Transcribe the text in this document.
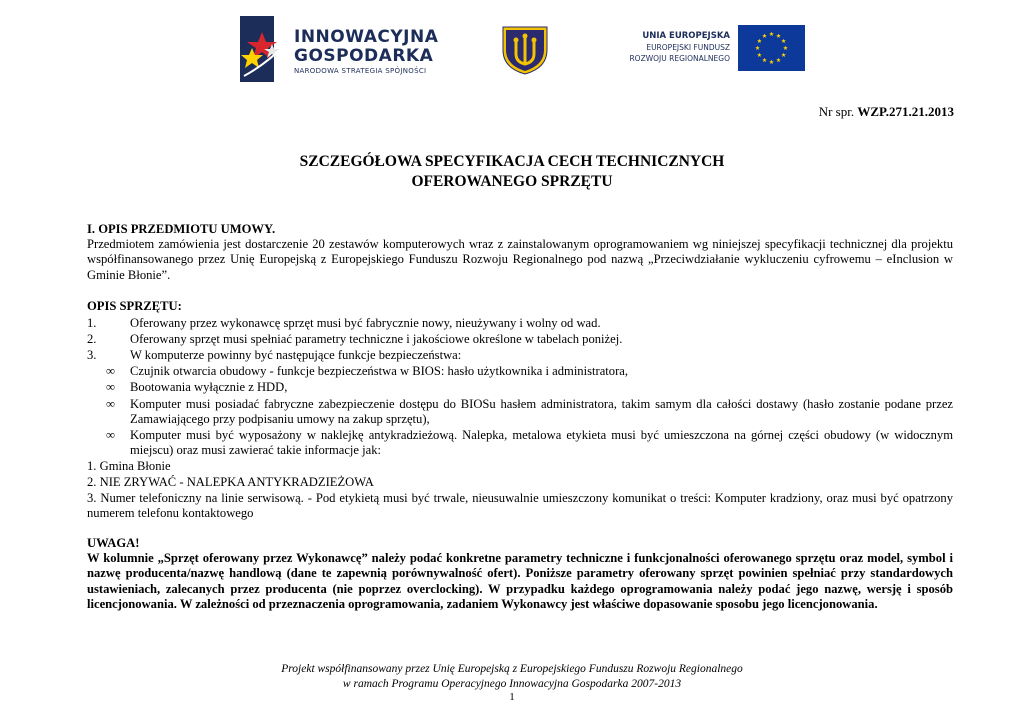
INNOWACYJNA
GOSPODARKA
NARODOWA STRATEGIA SPÓJNOŚCI
UNIA EUROPEJSKA
EUROPEJSKI FUNDUSZ
ROZWOJU REGIONALNEGO
Nr spr. WZP.271.21.2013
SZCZEGÓŁOWA SPECYFIKACJA CECH TECHNICZNYCH
OFEROWANEGO SPRZĘTU
I. OPIS PRZEDMIOTU UMOWY.
Przedmiotem zamówienia jest dostarczenie 20 zestawów komputerowych wraz z zainstalowanym oprogramowaniem wg niniejszej specyfikacji technicznej dla projektu współfinansowanego przez Unię Europejską z Europejskiego Funduszu Rozwoju Regionalnego pod nazwą „Przeciwdziałanie wykluczeniu cyfrowemu – eInclusion w Gminie Błonie”.
OPIS SPRZĘTU:
1.	Oferowany przez wykonawcę sprzęt musi być fabrycznie nowy, nieużywany i wolny od wad.
2.	Oferowany sprzęt musi spełniać parametry techniczne i jakościowe określone w tabelach poniżej.
3.	W komputerze powinny być następujące funkcje bezpieczeństwa:
∞ Czujnik otwarcia obudowy - funkcje bezpieczeństwa w BIOS: hasło użytkownika i administratora,
∞ Bootowania wyłącznie z HDD,
∞ Komputer musi posiadać fabryczne zabezpieczenie dostępu do BIOSu hasłem administratora, takim samym dla całości dostawy (hasło zostanie podane przez Zamawiającego przy podpisaniu umowy na zakup sprzętu),
∞ Komputer musi być wyposażony w naklejkę antykradzieżową. Nalepka, metalowa etykieta musi być umieszczona na górnej części obudowy (w widocznym miejscu) oraz musi zawierać takie informacje jak:
1. Gmina Błonie
2. NIE ZRYWAĆ - NALEPKA ANTYKRADZIEŻOWA
3. Numer telefoniczny na linie serwisową. - Pod etykietą musi być trwale, nieusuwalnie umieszczony komunikat o treści: Komputer kradziony, oraz musi być opatrzony numerem telefonu kontaktowego
UWAGA!
W kolumnie „Sprzęt oferowany przez Wykonawcę” należy podać konkretne parametry techniczne i funkcjonalności oferowanego sprzętu oraz model, symbol i nazwę producenta/nazwę handlową (dane te zapewnią porównywalność ofert). Poniższe parametry oferowany sprzęt powinien spełniać przy standardowych ustawieniach, zalecanych przez producenta (nie poprzez overclocking). W przypadku każdego oprogramowania należy podać jego nazwę, wersję i sposób licencjonowania. W zależności od przeznaczenia oprogramowania, zadaniem Wykonawcy jest właściwe dopasowanie sposobu jego licencjonowania.
Projekt współfinansowany przez Unię Europejską z Europejskiego Funduszu Rozwoju Regionalnego
w ramach Programu Operacyjnego Innowacyjna Gospodarka 2007-2013
1
